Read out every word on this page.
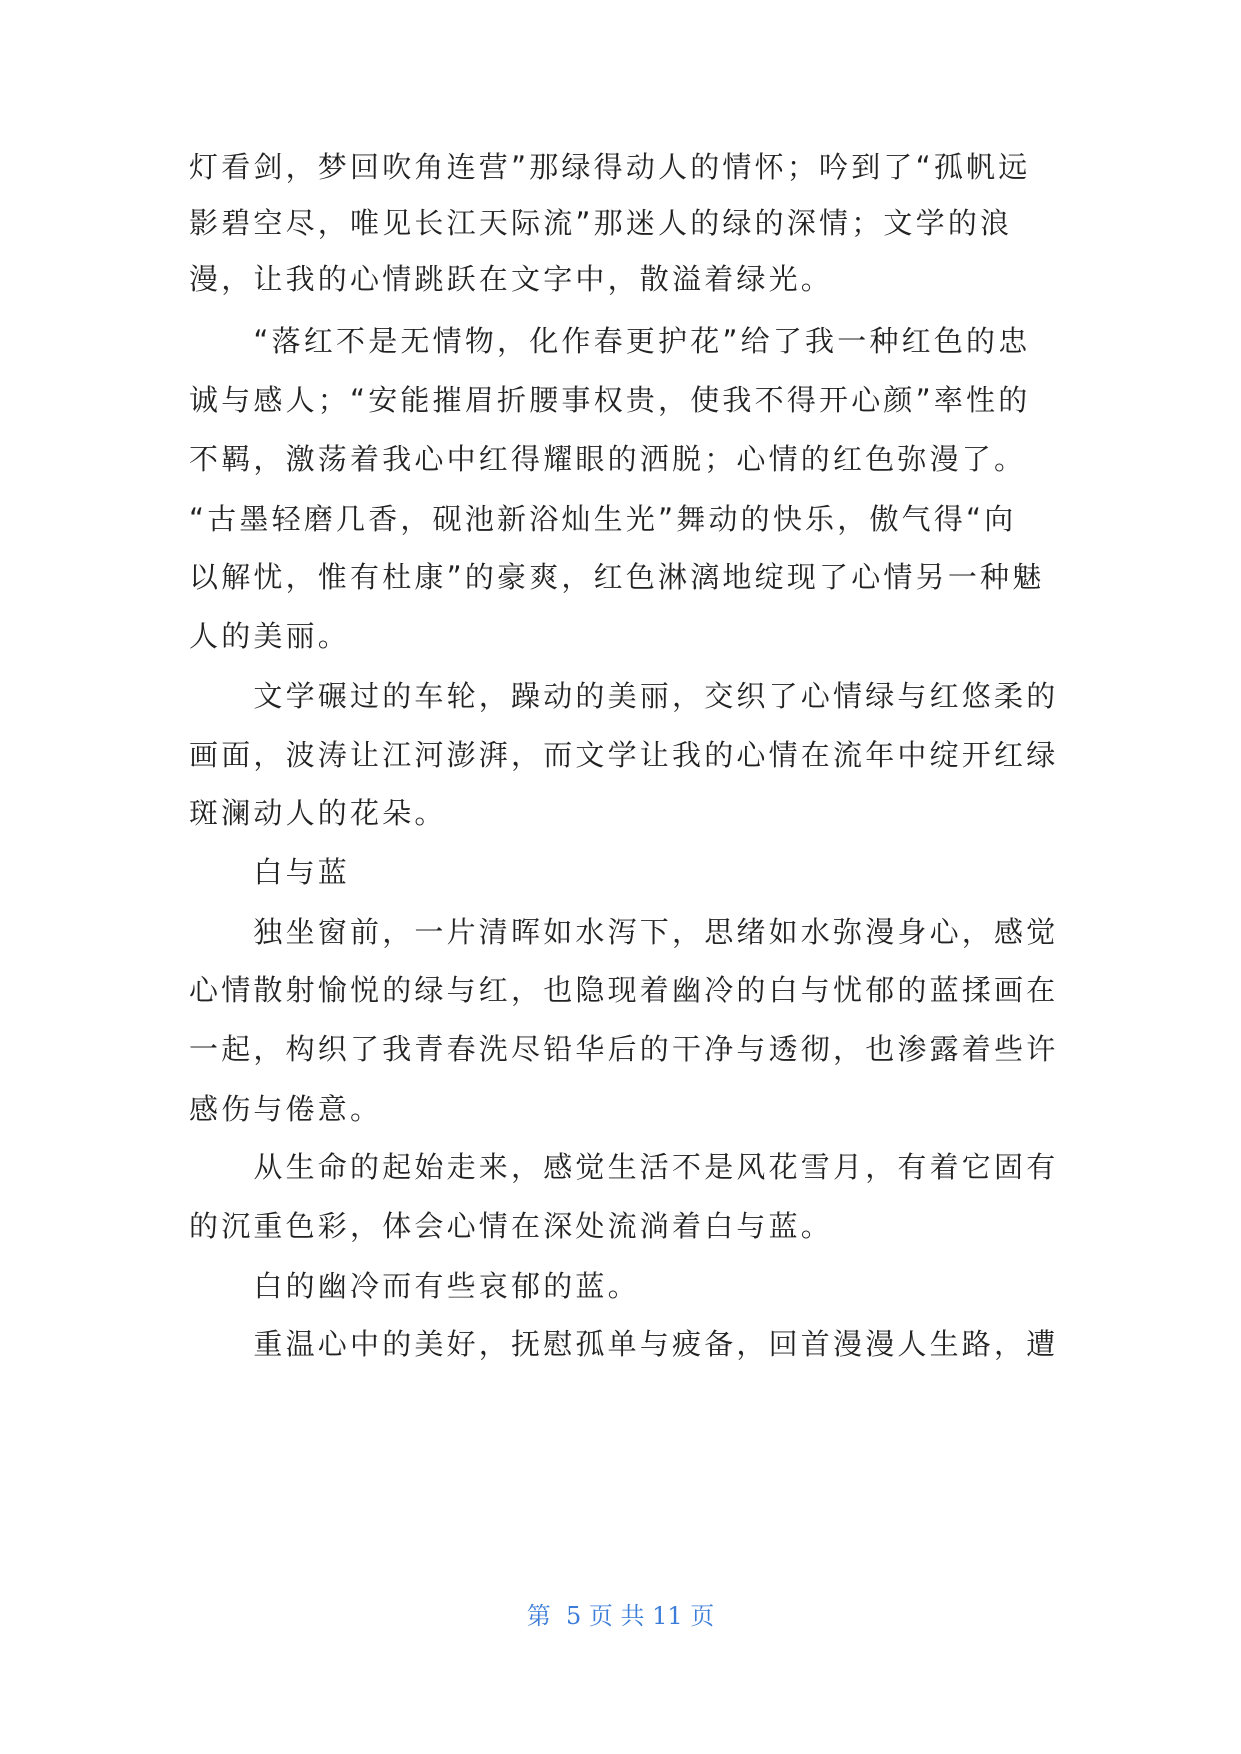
灯看剑，梦回吹角连营”那绿得动人的情怀；吟到了“孤帆远
影碧空尽，唯见长江天际流”那迷人的绿的深情；文学的浪
漫，让我的心情跳跃在文字中，散溢着绿光。
　　“落红不是无情物，化作春更护花”给了我一种红色的忠
诚与感人；“安能摧眉折腰事权贵，使我不得开心颜”率性的
不羁，激荡着我心中红得耀眼的洒脱；心情的红色弥漫了。
“古墨轻磨几香，砚池新浴灿生光”舞动的快乐，傲气得“向
以解忧，惟有杜康”的豪爽，红色淋漓地绽现了心情另一种魅
人的美丽。
　　文学碾过的车轮，躁动的美丽，交织了心情绿与红悠柔的
画面，波涛让江河澎湃，而文学让我的心情在流年中绽开红绿
斑澜动人的花朵。
　　白与蓝
　　独坐窗前，一片清晖如水泻下，思绪如水弥漫身心，感觉
心情散射愉悦的绿与红，也隐现着幽冷的白与忧郁的蓝揉画在
一起，构织了我青春洗尽铅华后的干净与透彻，也渗露着些许
感伤与倦意。
　　从生命的起始走来，感觉生活不是风花雪月，有着它固有
的沉重色彩，体会心情在深处流淌着白与蓝。
　　白的幽冷而有些哀郁的蓝。
　　重温心中的美好，抚慰孤单与疲备，回首漫漫人生路，遭
第  5 页 共 11 页
